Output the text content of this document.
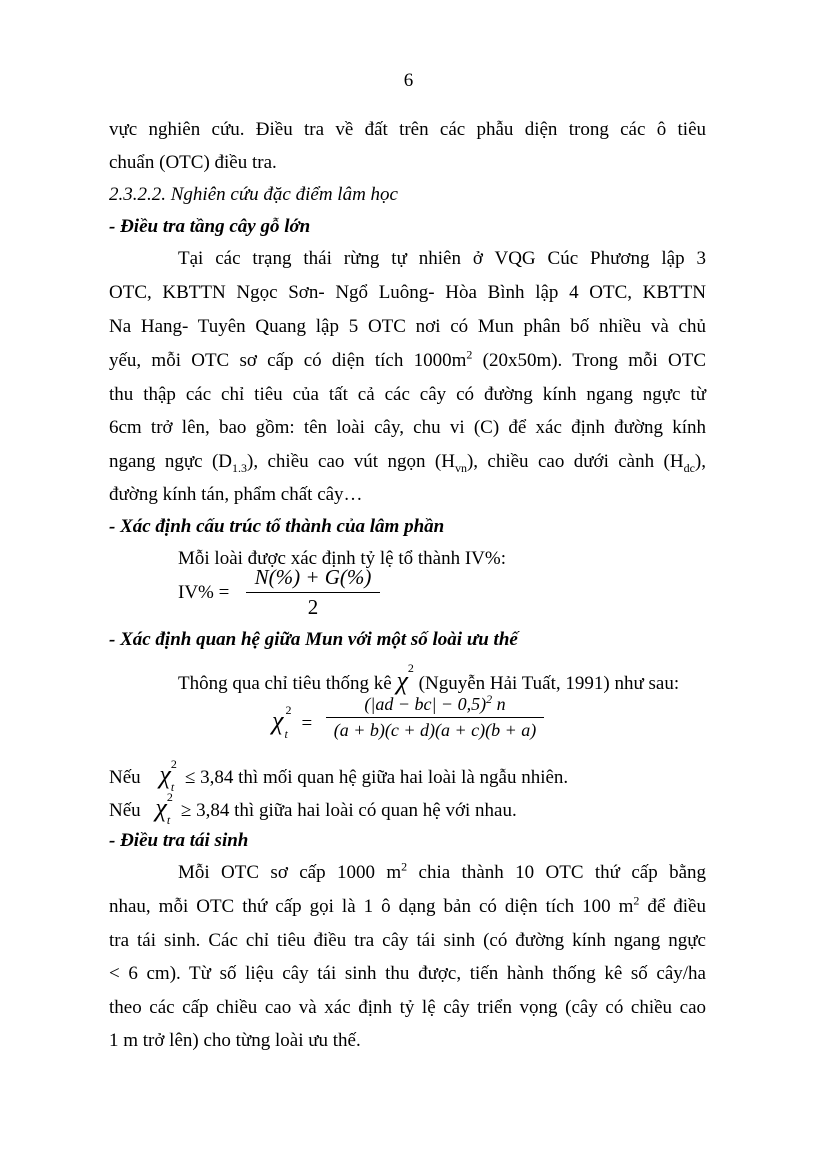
6
vực nghiên cứu. Điều tra về đất trên các phẫu diện trong các ô tiêu
chuẩn (OTC) điều tra.
2.3.2.2. Nghiên cứu đặc điểm lâm học
- Điều tra tầng cây gỗ lớn
Tại các trạng thái rừng tự nhiên ở VQG Cúc Phương lập 3
OTC, KBTTN Ngọc Sơn- Ngổ Luông- Hòa Bình lập 4 OTC, KBTTN
Na Hang- Tuyên Quang lập 5 OTC nơi có Mun phân bố nhiều và chủ
yếu, mỗi OTC sơ cấp có diện tích $1000m^2$ (20x50m). Trong mỗi OTC
thu thập các chỉ tiêu của tất cả các cây có đường kính ngang ngực từ
6cm trở lên, bao gồm: tên loài cây, chu vi (C) để xác định đường kính
ngang ngực $(D_{1.3})$, chiều cao vút ngọn $(H_{vn})$, chiều cao dưới cành $(H_{dc})$,
đường kính tán, phẩm chất cây…
- Xác định cấu trúc tổ thành của lâm phần
Mỗi loài được xác định tỷ lệ tổ thành IV%:
IV% =
N(%) + G(%)
2
- Xác định quan hệ giữa Mun với một số loài ưu thế
Thông qua chỉ tiêu thống kê $\chi^2$ (Nguyễn Hải Tuất, 1991) như sau:
χ $^2_t$ =
$(|ad - bc| - 0,5)^2$ n
(a + b)(c + d)(a + c)(b + a)
Nếu $\chi^2_t \le 3,84$ thì mối quan hệ giữa hai loài là ngẫu nhiên.
Nếu $\chi^2_t \ge 3,84$ thì giữa hai loài có quan hệ với nhau.
- Điều tra tái sinh
Mỗi OTC sơ cấp 1000 $m^2$ chia thành 10 OTC thứ cấp bằng
nhau, mỗi OTC thứ cấp gọi là 1 ô dạng bản có diện tích 100 $m^2$ để điều
tra tái sinh. Các chỉ tiêu điều tra cây tái sinh (có đường kính ngang ngực
< 6 cm). Từ số liệu cây tái sinh thu được, tiến hành thống kê số cây/ha
theo các cấp chiều cao và xác định tỷ lệ cây triển vọng (cây có chiều cao
1 m trở lên) cho từng loài ưu thế.
